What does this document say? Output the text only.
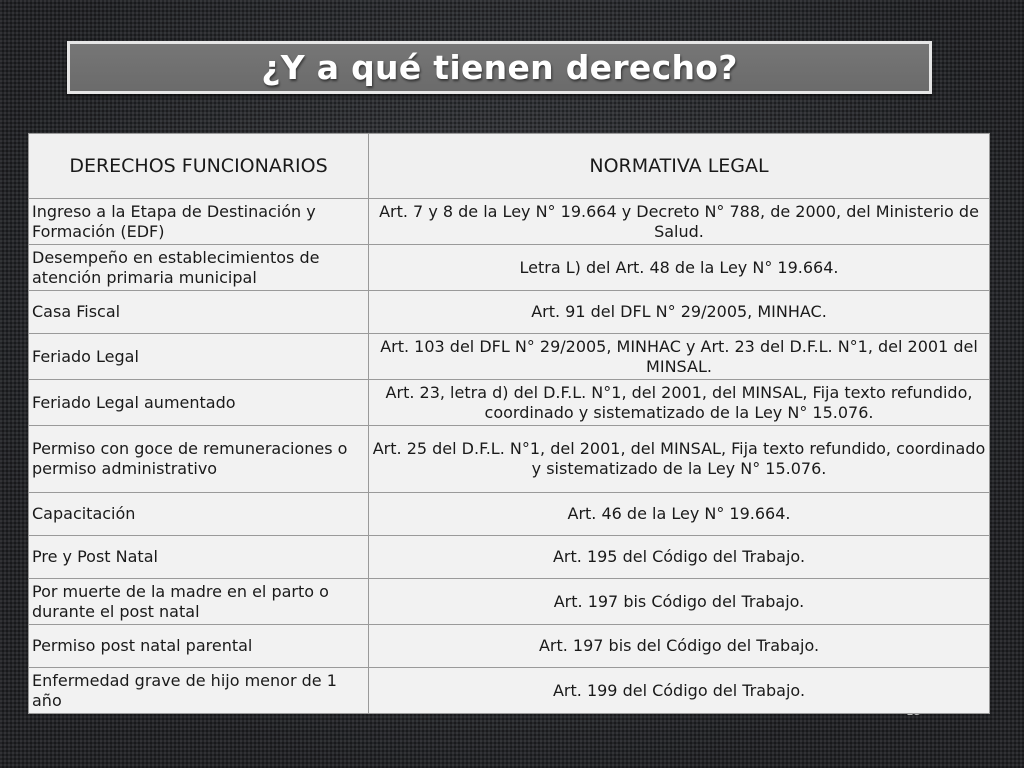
¿Y a qué tienen derecho?
DERECHOS FUNCIONARIOS	NORMATIVA LEGAL
Ingreso a la Etapa de Destinación y Formación (EDF)	Art. 7 y 8 de la Ley N° 19.664 y Decreto N° 788, de 2000, del Ministerio de Salud.
Desempeño en establecimientos de atención primaria municipal	Letra L) del Art. 48 de la Ley N° 19.664.
Casa Fiscal	Art. 91 del DFL N° 29/2005, MINHAC.
Feriado Legal	Art. 103 del DFL N° 29/2005, MINHAC y Art. 23 del D.F.L. N°1, del 2001 del MINSAL.
Feriado Legal aumentado	Art. 23, letra d) del D.F.L. N°1, del 2001, del MINSAL, Fija texto refundido, coordinado y sistematizado de la Ley N° 15.076.
Permiso con goce de remuneraciones o permiso administrativo	Art. 25 del D.F.L. N°1, del 2001, del MINSAL, Fija texto refundido, coordinado y sistematizado de la Ley N° 15.076.
Capacitación	Art. 46 de la Ley N° 19.664.
Pre y Post Natal	Art. 195 del Código del Trabajo.
Por muerte de la madre en el parto o durante el post natal	Art. 197 bis Código del Trabajo.
Permiso post natal parental	Art. 197 bis del Código del Trabajo.
Enfermedad grave de hijo menor de 1 año	Art. 199 del Código del Trabajo.
